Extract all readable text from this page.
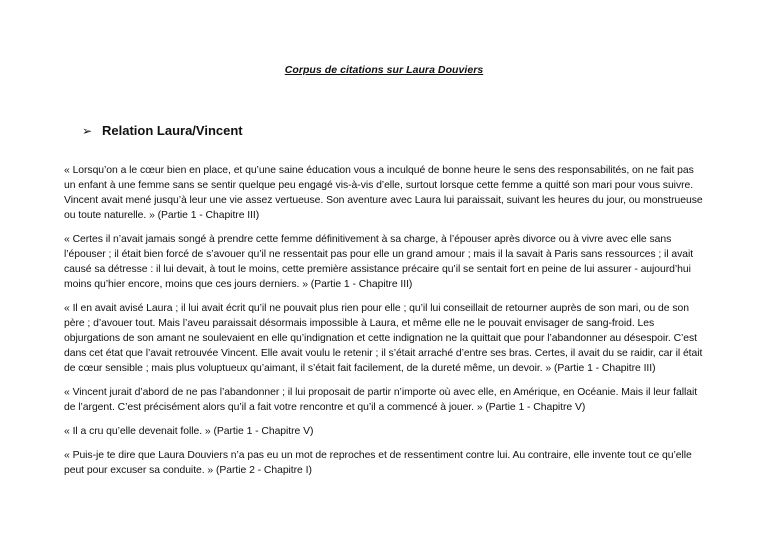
Corpus de citations sur Laura Douviers
➢ Relation Laura/Vincent

« Lorsqu’on a le cœur bien en place, et qu’une saine éducation vous a inculqué de bonne heure le sens des responsabilités, on ne fait pas un enfant à une femme sans se sentir quelque peu engagé vis-à-vis d’elle, surtout lorsque cette femme a quitté son mari pour vous suivre. Vincent avait mené jusqu’à leur une vie assez vertueuse. Son aventure avec Laura lui paraissait, suivant les heures du jour, ou monstrueuse ou toute naturelle. » (Partie 1 - Chapitre III)

« Certes il n’avait jamais songé à prendre cette femme définitivement à sa charge, à l’épouser après divorce ou à vivre avec elle sans l’épouser ; il était bien forcé de s’avouer qu’il ne ressentait pas pour elle un grand amour ; mais il la savait à Paris sans ressources ; il avait causé sa détresse : il lui devait, à tout le moins, cette première assistance précaire qu’il se sentait fort en peine de lui assurer - aujourd’hui moins qu’hier encore, moins que ces jours derniers. » (Partie 1 - Chapitre III)

« Il en avait avisé Laura ; il lui avait écrit qu’il ne pouvait plus rien pour elle ; qu’il lui conseillait de retourner auprès de son mari, ou de son père ; d’avouer tout. Mais l’aveu paraissait désormais impossible à Laura, et même elle ne le pouvait envisager de sang-froid. Les objurgations de son amant ne soulevaient en elle qu’indignation et cette indignation ne la quittait que pour l’abandonner au désespoir. C’est dans cet état que l’avait retrouvée Vincent. Elle avait voulu le retenir ; il s’était arraché d’entre ses bras. Certes, il avait du se raidir, car il était de cœur sensible ; mais plus voluptueux qu’aimant, il s’était fait facilement, de la dureté même, un devoir. » (Partie 1 - Chapitre III)

« Vincent jurait d’abord de ne pas l’abandonner ; il lui proposait de partir n’importe où avec elle, en Amérique, en Océanie. Mais il leur fallait de l’argent. C’est précisément alors qu’il a fait votre rencontre et qu’il a commencé à jouer. » (Partie 1 - Chapitre V)

« Il a cru qu’elle devenait folle. » (Partie 1 - Chapitre V)

« Puis-je te dire que Laura Douviers n’a pas eu un mot de reproches et de ressentiment contre lui. Au contraire, elle invente tout ce qu’elle peut pour excuser sa conduite. » (Partie 2 - Chapitre I)
